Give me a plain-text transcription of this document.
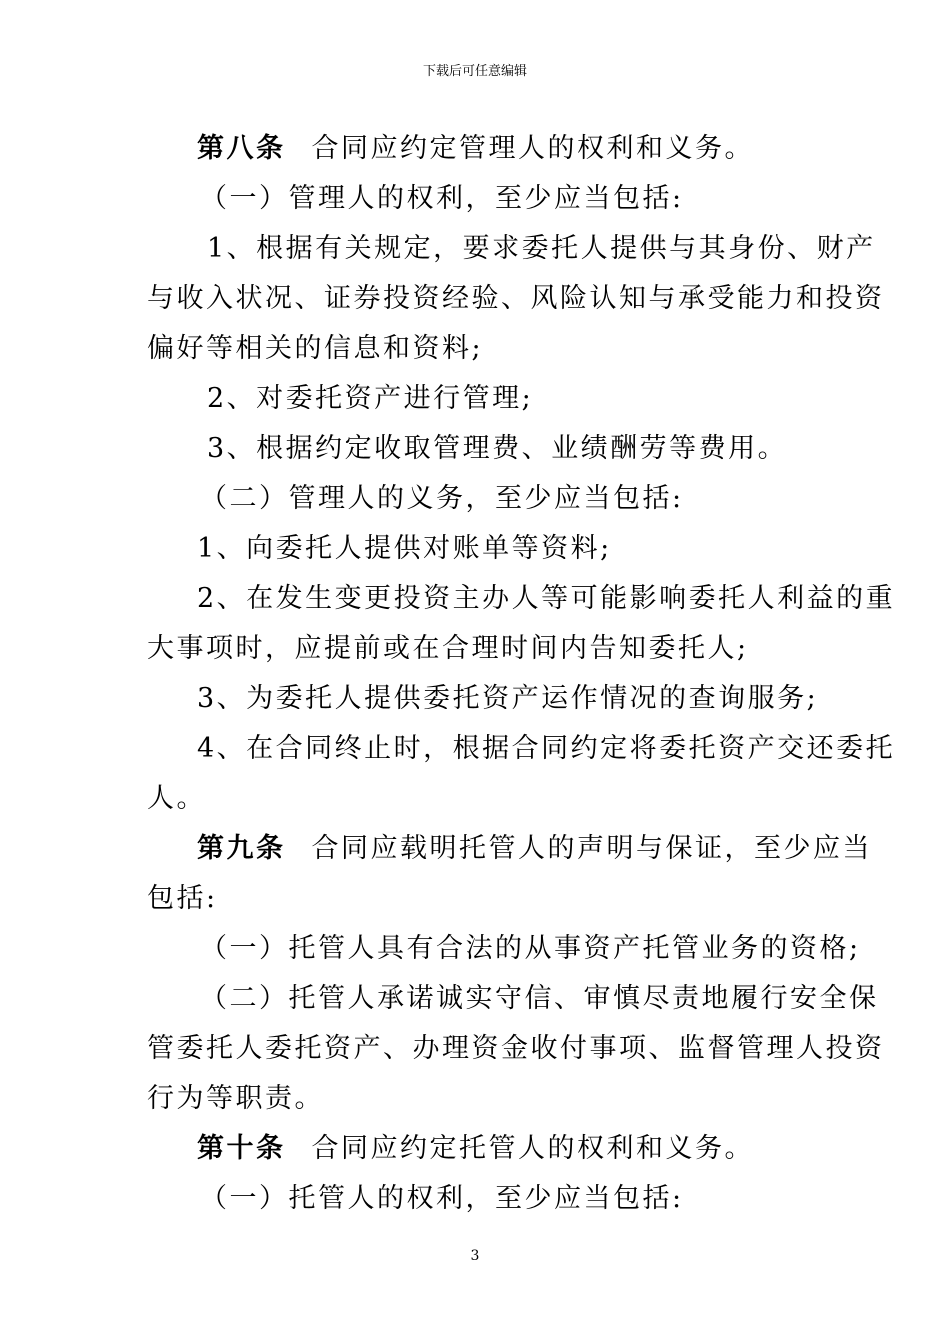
下载后可任意编辑
第八条 合同应约定管理人的权利和义务。
（一）管理人的权利，至少应当包括:
1、根据有关规定，要求委托人提供与其身份、财产
与收入状况、证券投资经验、风险认知与承受能力和投资
偏好等相关的信息和资料;
2、对委托资产进行管理;
3、根据约定收取管理费、业绩酬劳等费用。
（二）管理人的义务，至少应当包括:
1、向委托人提供对账单等资料;
2、在发生变更投资主办人等可能影响委托人利益的重
大事项时，应提前或在合理时间内告知委托人;
3、为委托人提供委托资产运作情况的查询服务;
4、在合同终止时，根据合同约定将委托资产交还委托
人。
第九条 合同应载明托管人的声明与保证，至少应当
包括:
（一）托管人具有合法的从事资产托管业务的资格;
（二）托管人承诺诚实守信、审慎尽责地履行安全保
管委托人委托资产、办理资金收付事项、监督管理人投资
行为等职责。
第十条 合同应约定托管人的权利和义务。
（一）托管人的权利，至少应当包括:
3
